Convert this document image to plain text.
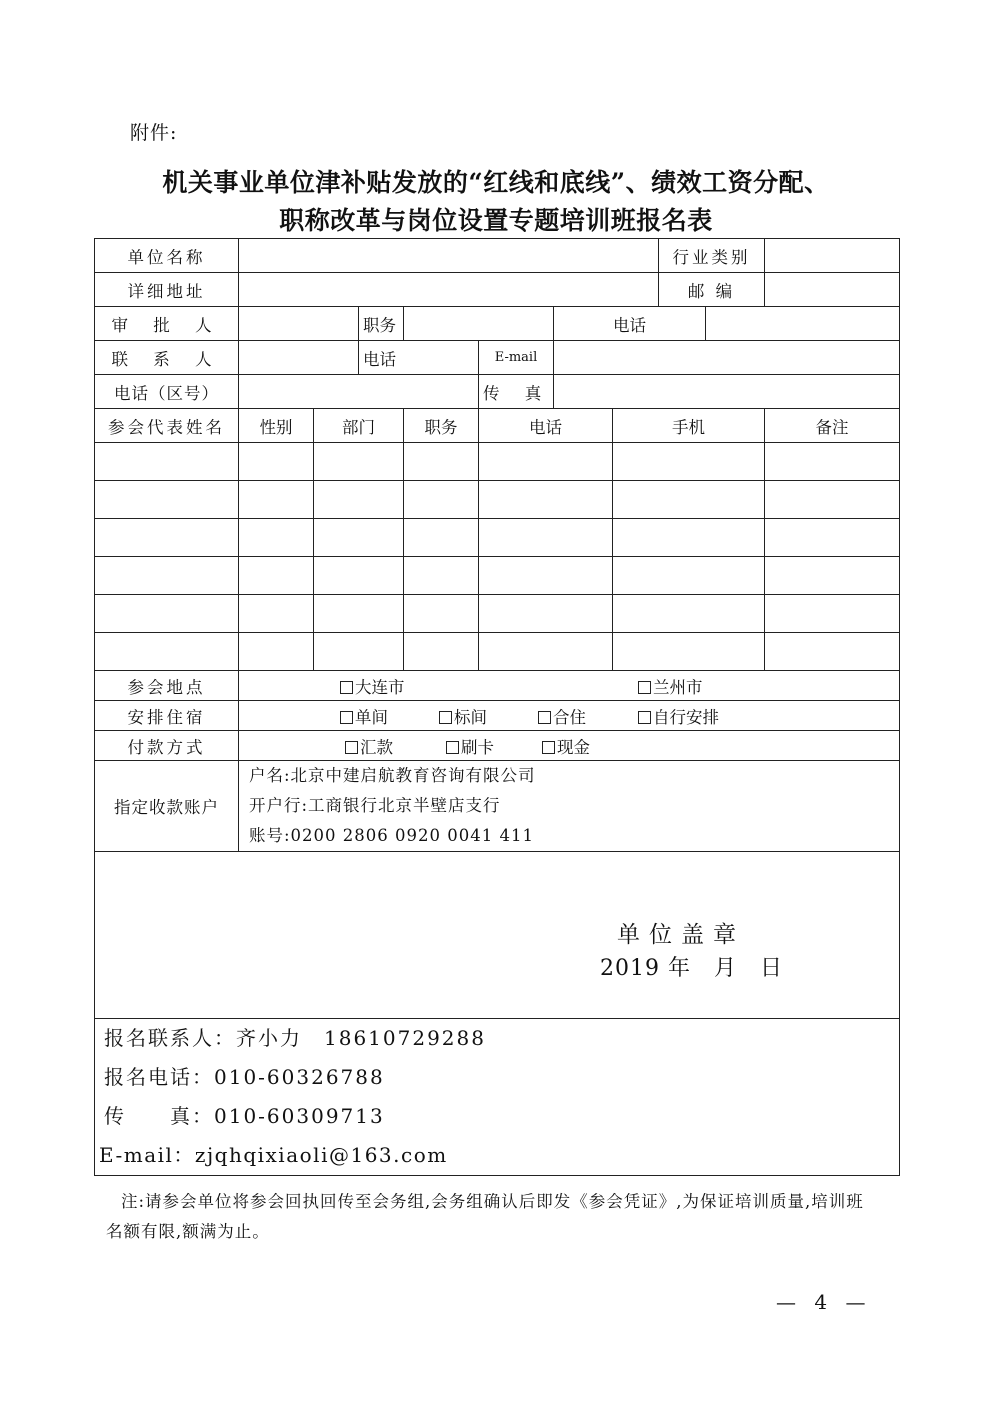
附件:
机关事业单位津补贴发放的“红线和底线”、绩效工资分配、
职称改革与岗位设置专题培训班报名表
单位名称								行业类别		
详细地址								邮 编		
审 批 人			职务			电话				
联 系 人			电话		E-mail					
电话（区号）					传 真					
参会代表姓名	性别	部门		职务	电话		手机			备注

参会地点	大连市 兰州市									
安排住宿	单间 标间 合住 自行安排									
付款方式	汇款 刷卡 现金									
指定收款账户	户名:北京中建启航教育咨询有限公司
开户行:工商银行北京半壁店支行
账号:0200 2806 0920 0041 411									

单位盖章
2019 年　月　日										

报名联系人：齐小力　18610729288
报名电话：010-60326788
传　　真：010-60309713
E-mail：zjqhqixiaoli@163.com										
注:请参会单位将参会回执回传至会务组,会务组确认后即发《参会凭证》,为保证培训质量,培训班名额有限,额满为止。
— 4 —
